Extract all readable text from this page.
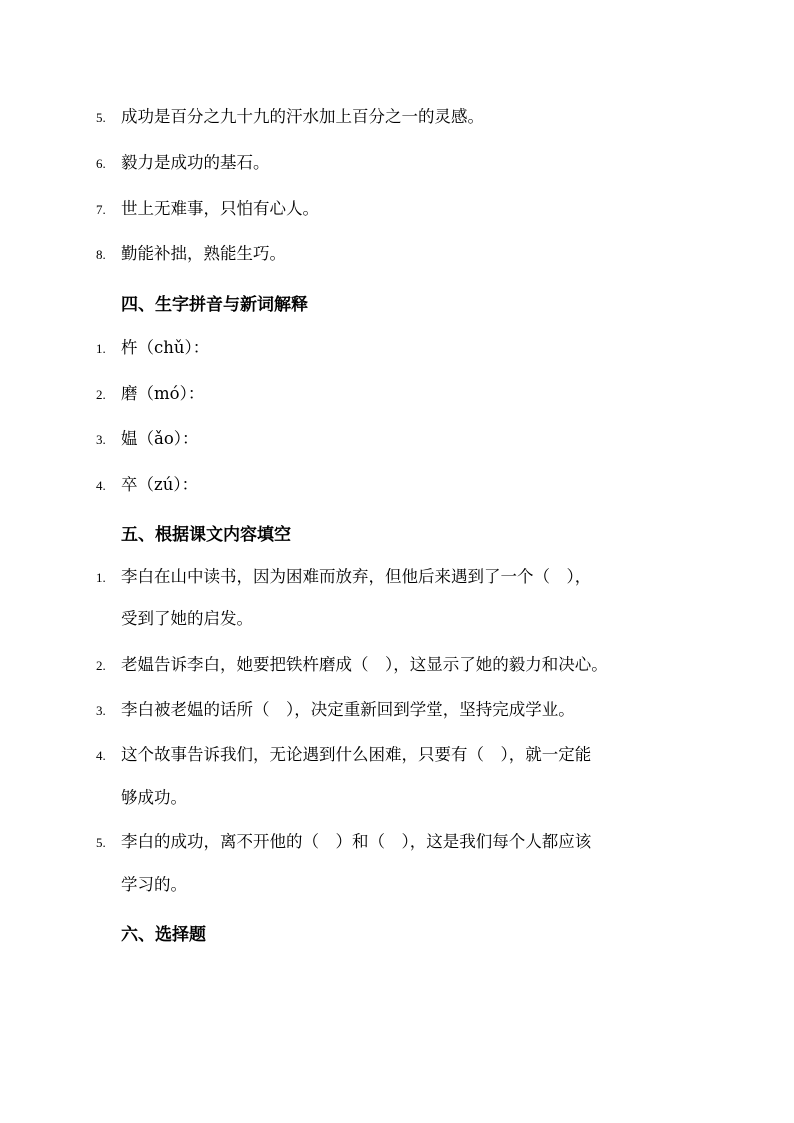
5. 成功是百分之九十九的汗水加上百分之一的灵感。
6. 毅力是成功的基石。
7. 世上无难事，只怕有心人。
8. 勤能补拙，熟能生巧。
四、生字拼音与新词解释
1. 杵（chǔ）：
2. 磨（mó）：
3. 媪（ǎo）：
4. 卒（zú）：
五、根据课文内容填空
1. 李白在山中读书，因为困难而放弃，但他后来遇到了一个（　），
受到了她的启发。
2. 老媪告诉李白，她要把铁杵磨成（　），这显示了她的毅力和决心。
3. 李白被老媪的话所（　），决定重新回到学堂，坚持完成学业。
4. 这个故事告诉我们，无论遇到什么困难，只要有（　），就一定能
够成功。
5. 李白的成功，离不开他的（　）和（　），这是我们每个人都应该
学习的。
六、选择题
